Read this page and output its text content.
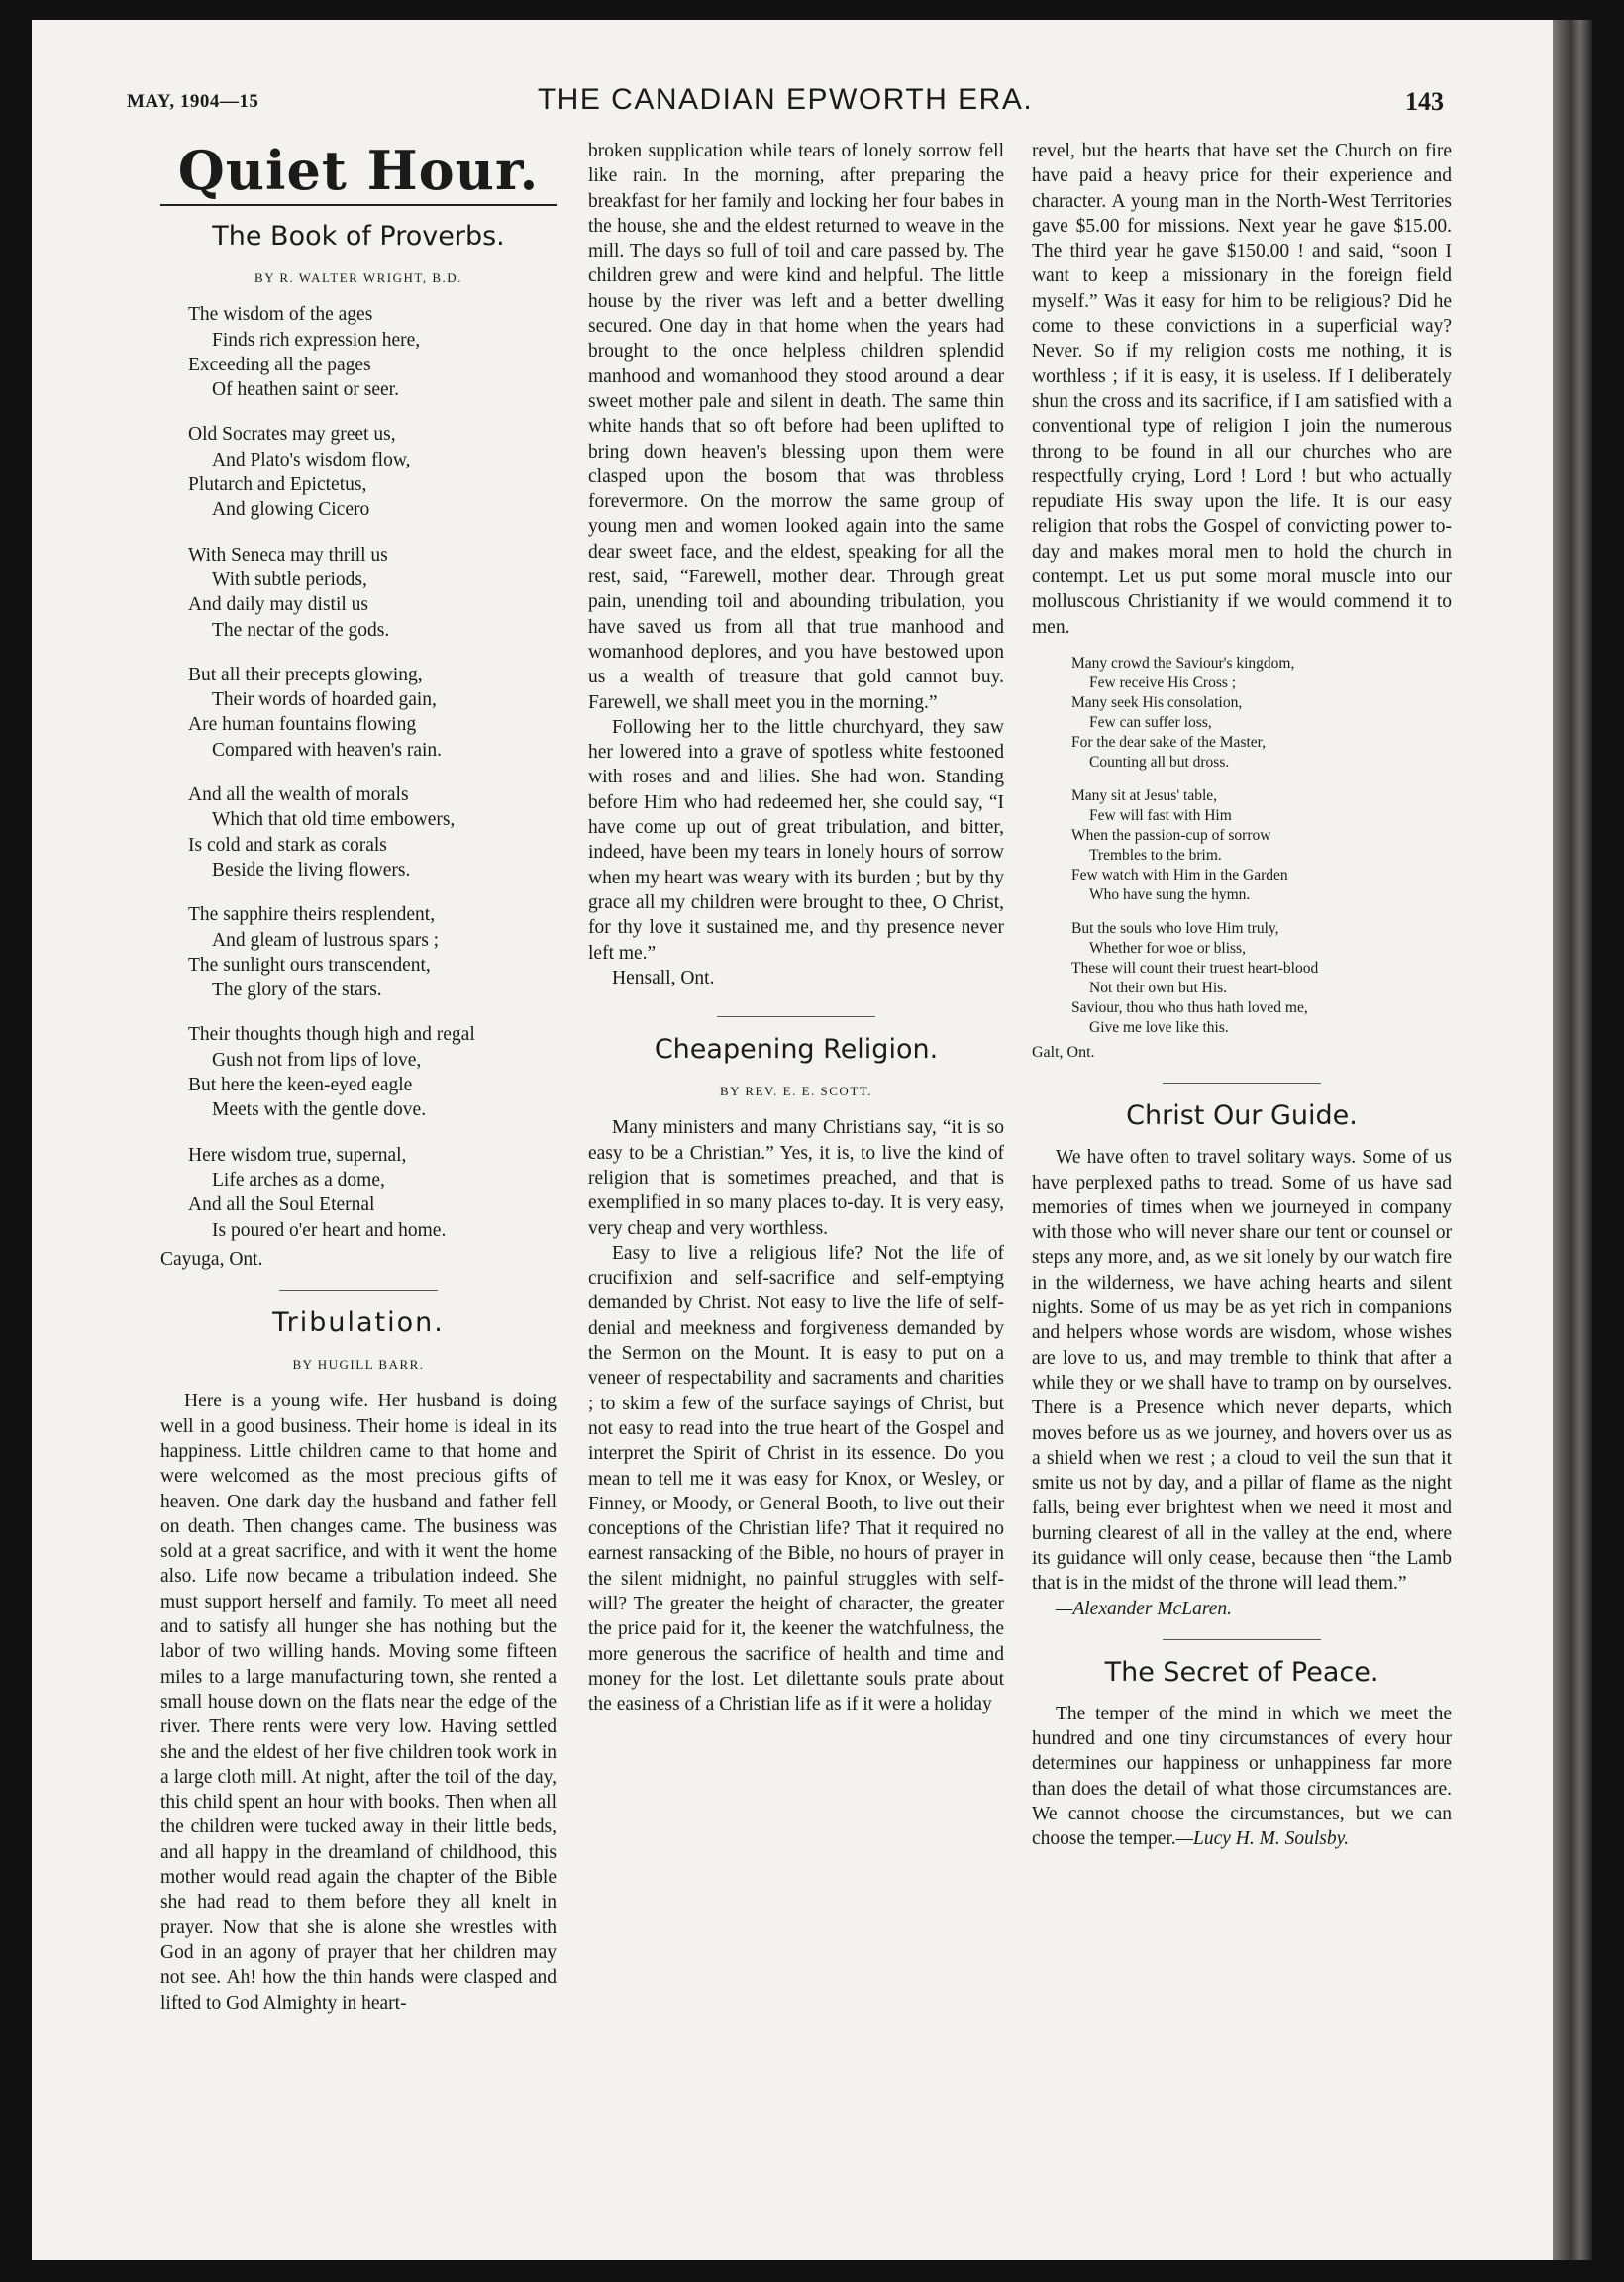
MAY, 1904—15	THE CANADIAN EPWORTH ERA.	143
Quiet Hour.
The Book of Proverbs.
BY R. WALTER WRIGHT, B.D.

The wisdom of the ages

Finds rich expression here,

Exceeding all the pages

Of heathen saint or seer.

Old Socrates may greet us,

And Plato's wisdom flow,

Plutarch and Epictetus,

And glowing Cicero

With Seneca may thrill us

With subtle periods,

And daily may distil us

The nectar of the gods.

But all their precepts glowing,

Their words of hoarded gain,

Are human fountains flowing

Compared with heaven's rain.

And all the wealth of morals

Which that old time embowers,

Is cold and stark as corals

Beside the living flowers.

The sapphire theirs resplendent,

And gleam of lustrous spars ;

The sunlight ours transcendent,

The glory of the stars.

Their thoughts though high and regal

Gush not from lips of love,

But here the keen-eyed eagle

Meets with the gentle dove.

Here wisdom true, supernal,

Life arches as a dome,

And all the Soul Eternal

Is poured o'er heart and home.

Cayuga, Ont.

Tribulation.
BY HUGILL BARR.

Here is a young wife. Her husband is doing well in a good business. Their home is ideal in its happiness. Little children came to that home and were welcomed as the most precious gifts of heaven. One dark day the husband and father fell on death. Then changes came. The business was sold at a great sacrifice, and with it went the home also. Life now became a tribulation indeed. She must support herself and family. To meet all need and to satisfy all hunger she has nothing but the labor of two willing hands. Moving some fifteen miles to a large manufacturing town, she rented a small house down on the flats near the edge of the river. There rents were very low. Having settled she and the eldest of her five children took work in a large cloth mill. At night, after the toil of the day, this child spent an hour with books. Then when all the children were tucked away in their little beds, and all happy in the dreamland of childhood, this mother would read again the chapter of the Bible she had read to them before they all knelt in prayer. Now that she is alone she wrestles with God in an agony of prayer that her children may not see. Ah! how the thin hands were clasped and lifted to God Almighty in heart-

broken supplication while tears of lonely sorrow fell like rain. In the morning, after preparing the breakfast for her family and locking her four babes in the house, she and the eldest returned to weave in the mill. The days so full of toil and care passed by. The children grew and were kind and helpful. The little house by the river was left and a better dwelling secured. One day in that home when the years had brought to the once helpless children splendid manhood and womanhood they stood around a dear sweet mother pale and silent in death. The same thin white hands that so oft before had been uplifted to bring down heaven's blessing upon them were clasped upon the bosom that was throbless forevermore. On the morrow the same group of young men and women looked again into the same dear sweet face, and the eldest, speaking for all the rest, said, “Farewell, mother dear. Through great pain, unending toil and abounding tribulation, you have saved us from all that true manhood and womanhood deplores, and you have bestowed upon us a wealth of treasure that gold cannot buy. Farewell, we shall meet you in the morning.”

Following her to the little churchyard, they saw her lowered into a grave of spotless white festooned with roses and and lilies. She had won. Standing before Him who had redeemed her, she could say, “I have come up out of great tribulation, and bitter, indeed, have been my tears in lonely hours of sorrow when my heart was weary with its burden ; but by thy grace all my children were brought to thee, O Christ, for thy love it sustained me, and thy presence never left me.”

Hensall, Ont.

Cheapening Religion.
BY REV. E. E. SCOTT.

Many ministers and many Christians say, “it is so easy to be a Christian.” Yes, it is, to live the kind of religion that is sometimes preached, and that is exemplified in so many places to-day. It is very easy, very cheap and very worthless.

Easy to live a religious life? Not the life of crucifixion and self-sacrifice and self-emptying demanded by Christ. Not easy to live the life of self-denial and meekness and forgiveness demanded by the Sermon on the Mount. It is easy to put on a veneer of respectability and sacraments and charities ; to skim a few of the surface sayings of Christ, but not easy to read into the true heart of the Gospel and interpret the Spirit of Christ in its essence. Do you mean to tell me it was easy for Knox, or Wesley, or Finney, or Moody, or General Booth, to live out their conceptions of the Christian life? That it required no earnest ransacking of the Bible, no hours of prayer in the silent midnight, no painful struggles with self-will? The greater the height of character, the greater the price paid for it, the keener the watchfulness, the more generous the sacrifice of health and time and money for the lost. Let dilettante souls prate about the easiness of a Christian life as if it were a holiday

revel, but the hearts that have set the Church on fire have paid a heavy price for their experience and character. A young man in the North-West Territories gave $5.00 for missions. Next year he gave $15.00. The third year he gave $150.00 ! and said, “soon I want to keep a missionary in the foreign field myself.” Was it easy for him to be religious? Did he come to these convictions in a superficial way? Never. So if my religion costs me nothing, it is worthless ; if it is easy, it is useless. If I deliberately shun the cross and its sacrifice, if I am satisfied with a conventional type of religion I join the numerous throng to be found in all our churches who are respectfully crying, Lord ! Lord ! but who actually repudiate His sway upon the life. It is our easy religion that robs the Gospel of convicting power to-day and makes moral men to hold the church in contempt. Let us put some moral muscle into our molluscous Christianity if we would commend it to men.

Many crowd the Saviour's kingdom,

Few receive His Cross ;

Many seek His consolation,

Few can suffer loss,

For the dear sake of the Master,

Counting all but dross.

Many sit at Jesus' table,

Few will fast with Him

When the passion-cup of sorrow

Trembles to the brim.

Few watch with Him in the Garden

Who have sung the hymn.

But the souls who love Him truly,

Whether for woe or bliss,

These will count their truest heart-blood

Not their own but His.

Saviour, thou who thus hath loved me,

Give me love like this.

Galt, Ont.

Christ Our Guide.

We have often to travel solitary ways. Some of us have perplexed paths to tread. Some of us have sad memories of times when we journeyed in company with those who will never share our tent or counsel or steps any more, and, as we sit lonely by our watch fire in the wilderness, we have aching hearts and silent nights. Some of us may be as yet rich in companions and helpers whose words are wisdom, whose wishes are love to us, and may tremble to think that after a while they or we shall have to tramp on by ourselves. There is a Presence which never departs, which moves before us as we journey, and hovers over us as a shield when we rest ; a cloud to veil the sun that it smite us not by day, and a pillar of flame as the night falls, being ever brightest when we need it most and burning clearest of all in the valley at the end, where its guidance will only cease, because then “the Lamb that is in the midst of the throne will lead them.”

—Alexander McLaren.

The Secret of Peace.

The temper of the mind in which we meet the hundred and one tiny circumstances of every hour determines our happiness or unhappiness far more than does the detail of what those circumstances are. We cannot choose the circumstances, but we can choose the temper.—Lucy H. M. Soulsby.
